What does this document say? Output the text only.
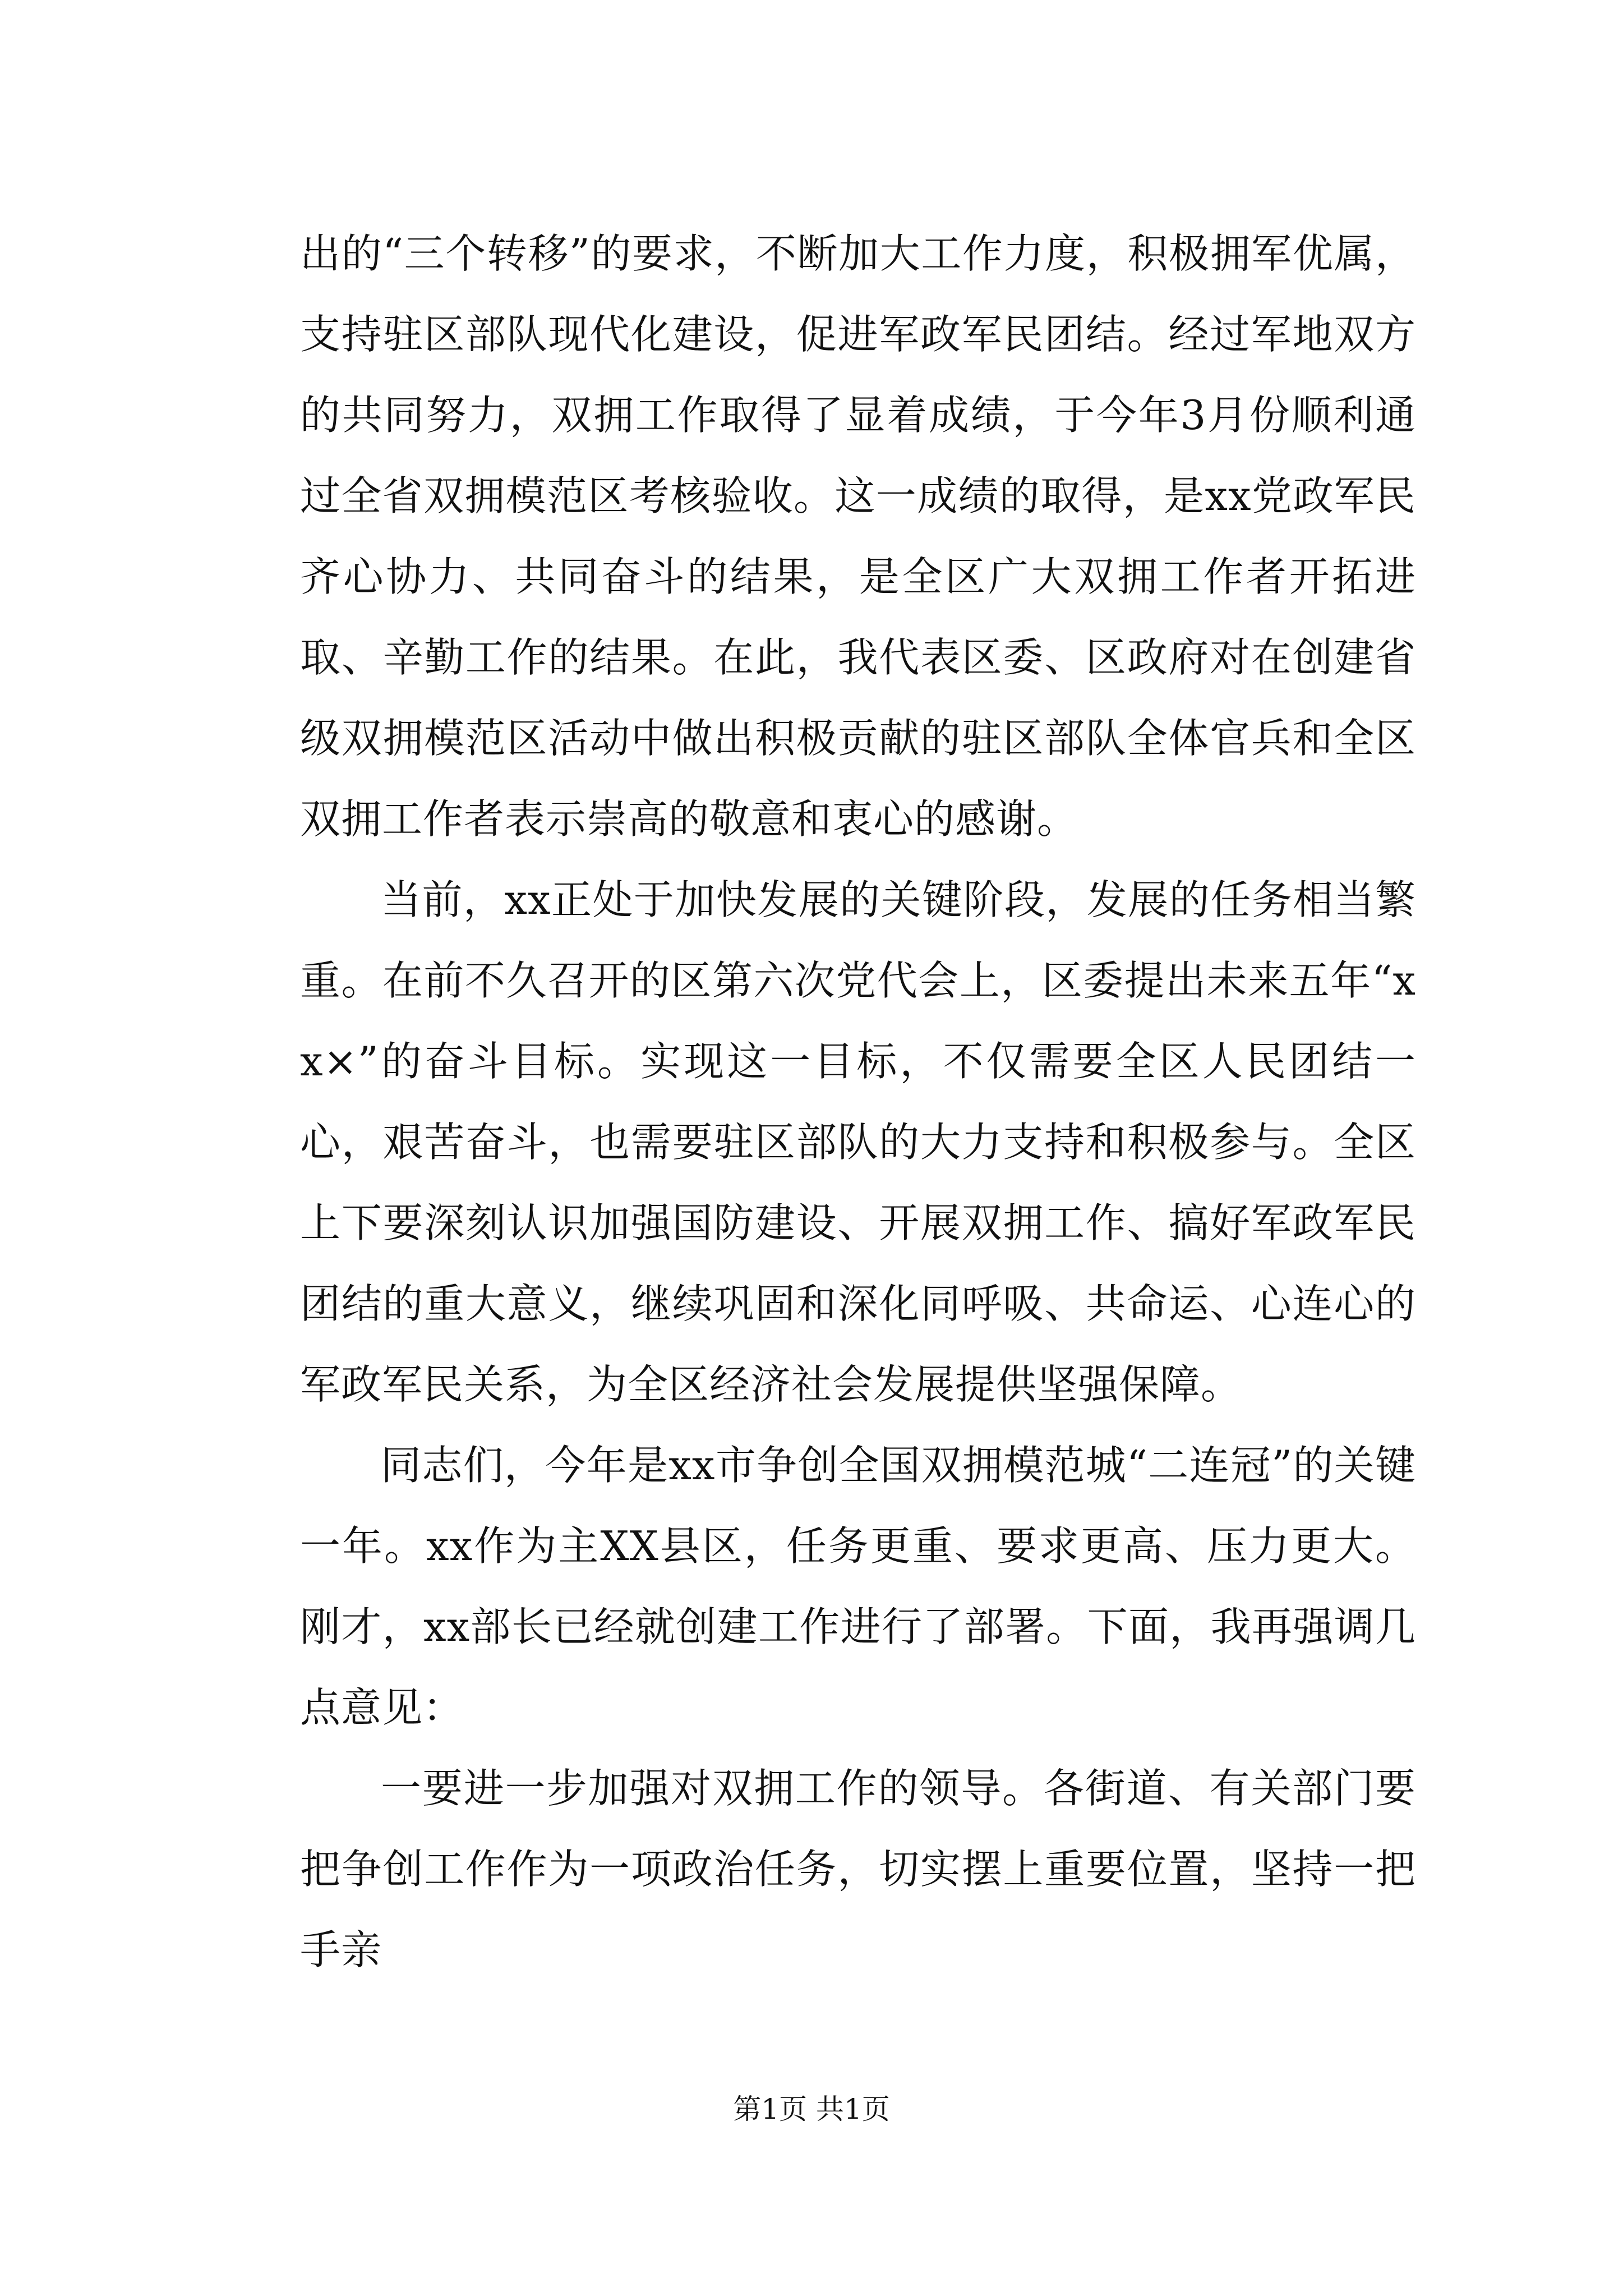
出的“三个转移”的要求，不断加大工作力度，积极拥军优属，支持驻区部队现代化建设，促进军政军民团结。经过军地双方的共同努力，双拥工作取得了显着成绩，于今年3月份顺利通过全省双拥模范区考核验收。这一成绩的取得，是xx党政军民齐心协力、共同奋斗的结果，是全区广大双拥工作者开拓进取、辛勤工作的结果。在此，我代表区委、区政府对在创建省级双拥模范区活动中做出积极贡献的驻区部队全体官兵和全区双拥工作者表示崇高的敬意和衷心的感谢。

当前，xx正处于加快发展的关键阶段，发展的任务相当繁重。在前不久召开的区第六次党代会上，区委提出未来五年“xx×”的奋斗目标。实现这一目标，不仅需要全区人民团结一心，艰苦奋斗，也需要驻区部队的大力支持和积极参与。全区上下要深刻认识加强国防建设、开展双拥工作、搞好军政军民团结的重大意义，继续巩固和深化同呼吸、共命运、心连心的军政军民关系，为全区经济社会发展提供坚强保障。

同志们，今年是xx市争创全国双拥模范城“二连冠”的关键一年。xx作为主XX县区，任务更重、要求更高、压力更大。刚才，xx部长已经就创建工作进行了部署。下面，我再强调几点意见：

一要进一步加强对双拥工作的领导。各街道、有关部门要把争创工作作为一项政治任务，切实摆上重要位置，坚持一把手亲

第1页 共1页
